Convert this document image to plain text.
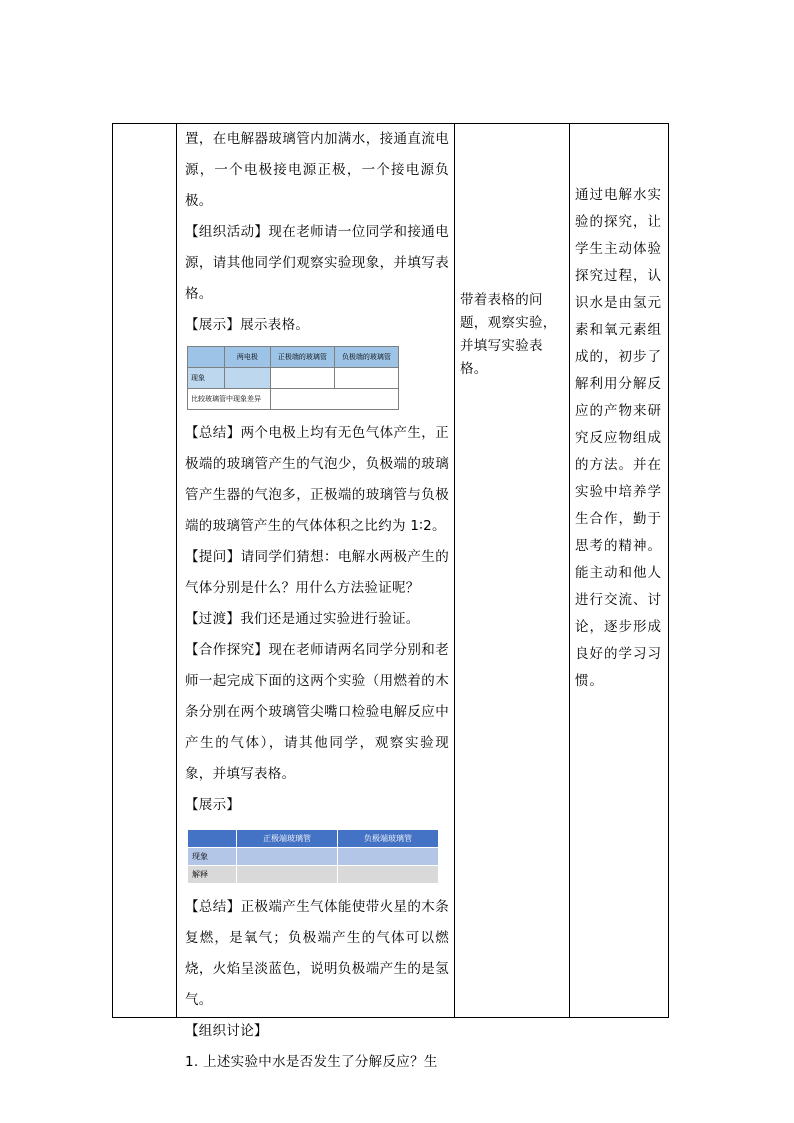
置，在电解器玻璃管内加满水，接通直流电源，一个电极接电源正极，一个接电源负极。

【组织活动】现在老师请一位同学和接通电源，请其他同学们观察实验现象，并填写表格。

【展示】展示表格。

	两电极	正极端的玻璃管	负极端的玻璃管
现象			
比较玻璃管中现象差异			

【总结】两个电极上均有无色气体产生，正极端的玻璃管产生的气泡少，负极端的玻璃管产生器的气泡多，正极端的玻璃管与负极端的玻璃管产生的气体体积之比约为 1∶2。

【提问】请同学们猜想：电解水两极产生的气体分别是什么？用什么方法验证呢？

【过渡】我们还是通过实验进行验证。

【合作探究】现在老师请两名同学分别和老师一起完成下面的这两个实验（用燃着的木条分别在两个玻璃管尖嘴口检验电解反应中产生的气体），请其他同学，观察实验现象，并填写表格。

【展示】

	正极端玻璃管	负极端玻璃管
现象		
解释		

【总结】正极端产生气体能使带火星的木条复燃，是氧气；负极端产生的气体可以燃烧，火焰呈淡蓝色，说明负极端产生的是氢气。

【组织讨论】

1. 上述实验中水是否发生了分解反应？生

带着表格的问题，观察实验，并填写实验表格。

通过电解水实验的探究，让学生主动体验探究过程，认识水是由氢元素和氧元素组成的，初步了解利用分解反应的产物来研究反应物组成的方法。并在实验中培养学生合作，勤于思考的精神。能主动和他人进行交流、讨论，逐步形成良好的学习习惯。
